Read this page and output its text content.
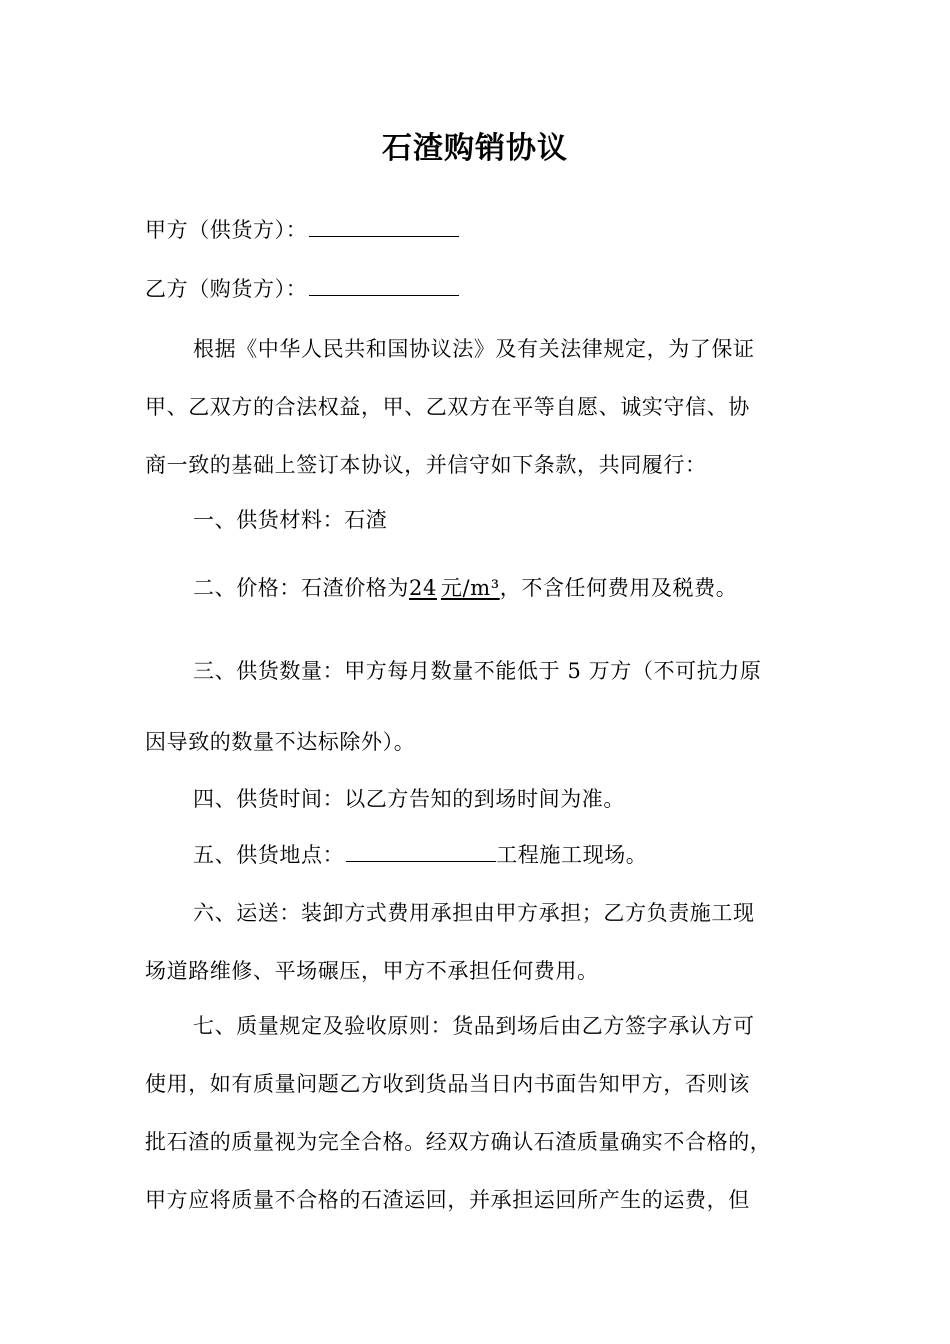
石渣购销协议
甲方（供货方）：
乙方（购货方）：
根据《中华人民共和国协议法》及有关法律规定，为了保证
甲、乙双方的合法权益，甲、乙双方在平等自愿、诚实守信、协
商一致的基础上签订本协议，并信守如下条款，共同履行：
一、供货材料：石渣
二、价格：石渣价格为24 元/m³，不含任何费用及税费。
三、供货数量：甲方每月数量不能低于 5 万方（不可抗力原
因导致的数量不达标除外）。
四、供货时间：以乙方告知的到场时间为准。
五、供货地点：	工程施工现场。
六、运送：装卸方式费用承担由甲方承担；乙方负责施工现
场道路维修、平场碾压，甲方不承担任何费用。
七、质量规定及验收原则：货品到场后由乙方签字承认方可
使用，如有质量问题乙方收到货品当日内书面告知甲方，否则该
批石渣的质量视为完全合格。经双方确认石渣质量确实不合格的，
甲方应将质量不合格的石渣运回，并承担运回所产生的运费，但
